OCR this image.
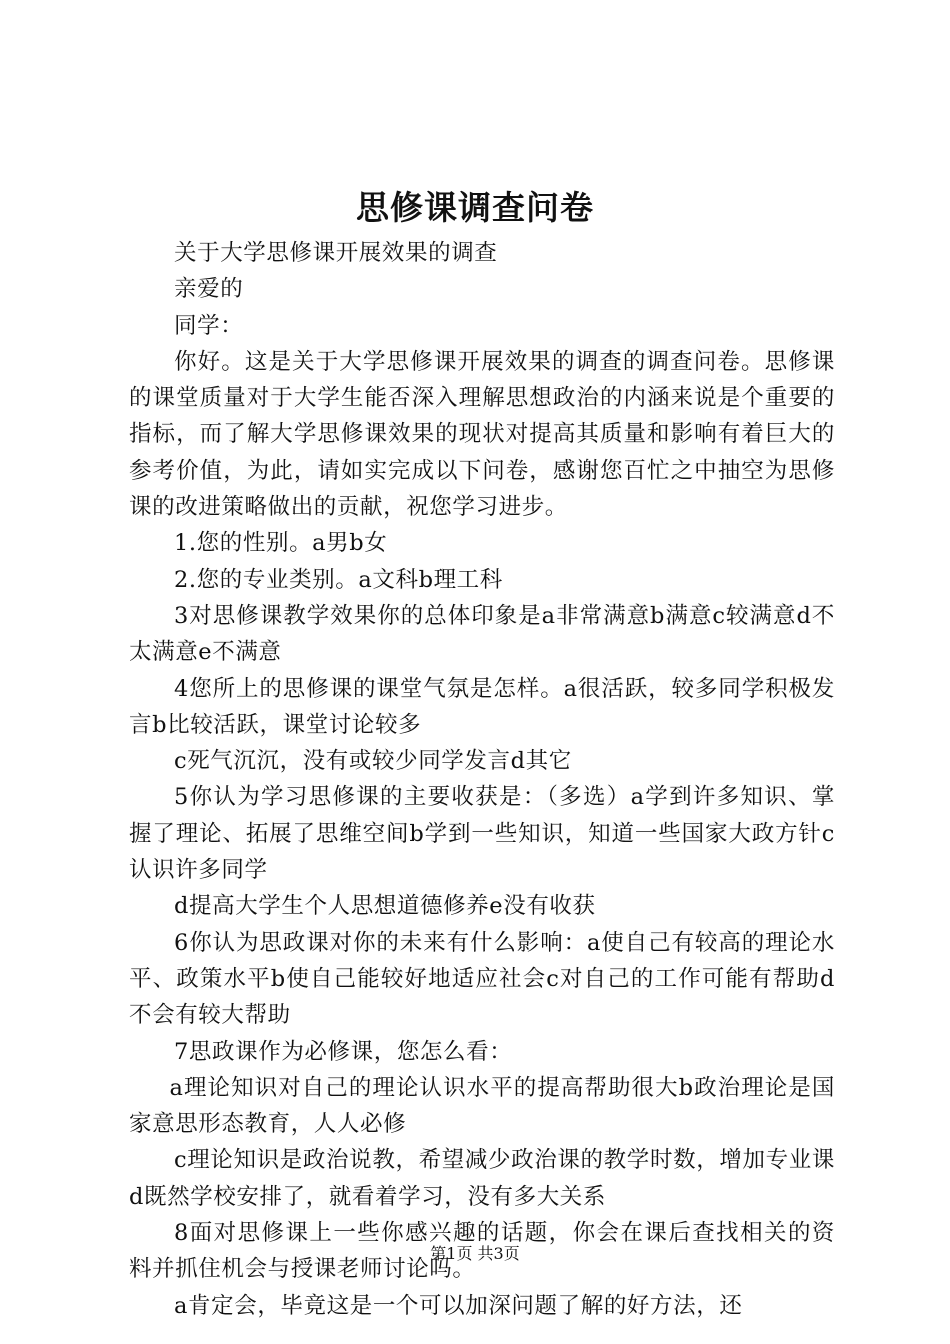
思修课调查问卷

关于大学思修课开展效果的调查

亲爱的

同学：

你好。这是关于大学思修课开展效果的调查的调查问卷。思修课的课堂质量对于大学生能否深入理解思想政治的内涵来说是个重要的指标，而了解大学思修课效果的现状对提高其质量和影响有着巨大的参考价值，为此，请如实完成以下问卷，感谢您百忙之中抽空为思修课的改进策略做出的贡献，祝您学习进步。

1.您的性别。a男b女

2.您的专业类别。a文科b理工科

3对思修课教学效果你的总体印象是a非常满意b满意c较满意d不太满意e不满意

4您所上的思修课的课堂气氛是怎样。a很活跃，较多同学积极发言b比较活跃，课堂讨论较多

c死气沉沉，没有或较少同学发言d其它

5你认为学习思修课的主要收获是：（多选）a学到许多知识、掌握了理论、拓展了思维空间b学到一些知识，知道一些国家大政方针c认识许多同学

d提高大学生个人思想道德修养e没有收获

6你认为思政课对你的未来有什么影响：a使自己有较高的理论水平、政策水平b使自己能较好地适应社会c对自己的工作可能有帮助d不会有较大帮助

7思政课作为必修课，您怎么看：

a理论知识对自己的理论认识水平的提高帮助很大b政治理论是国家意思形态教育，人人必修

c理论知识是政治说教，希望减少政治课的教学时数，增加专业课d既然学校安排了，就看着学习，没有多大关系

8面对思修课上一些你感兴趣的话题，你会在课后查找相关的资料并抓住机会与授课老师讨论吗。

a肯定会，毕竟这是一个可以加深问题了解的好方法，还

第1页 共3页
